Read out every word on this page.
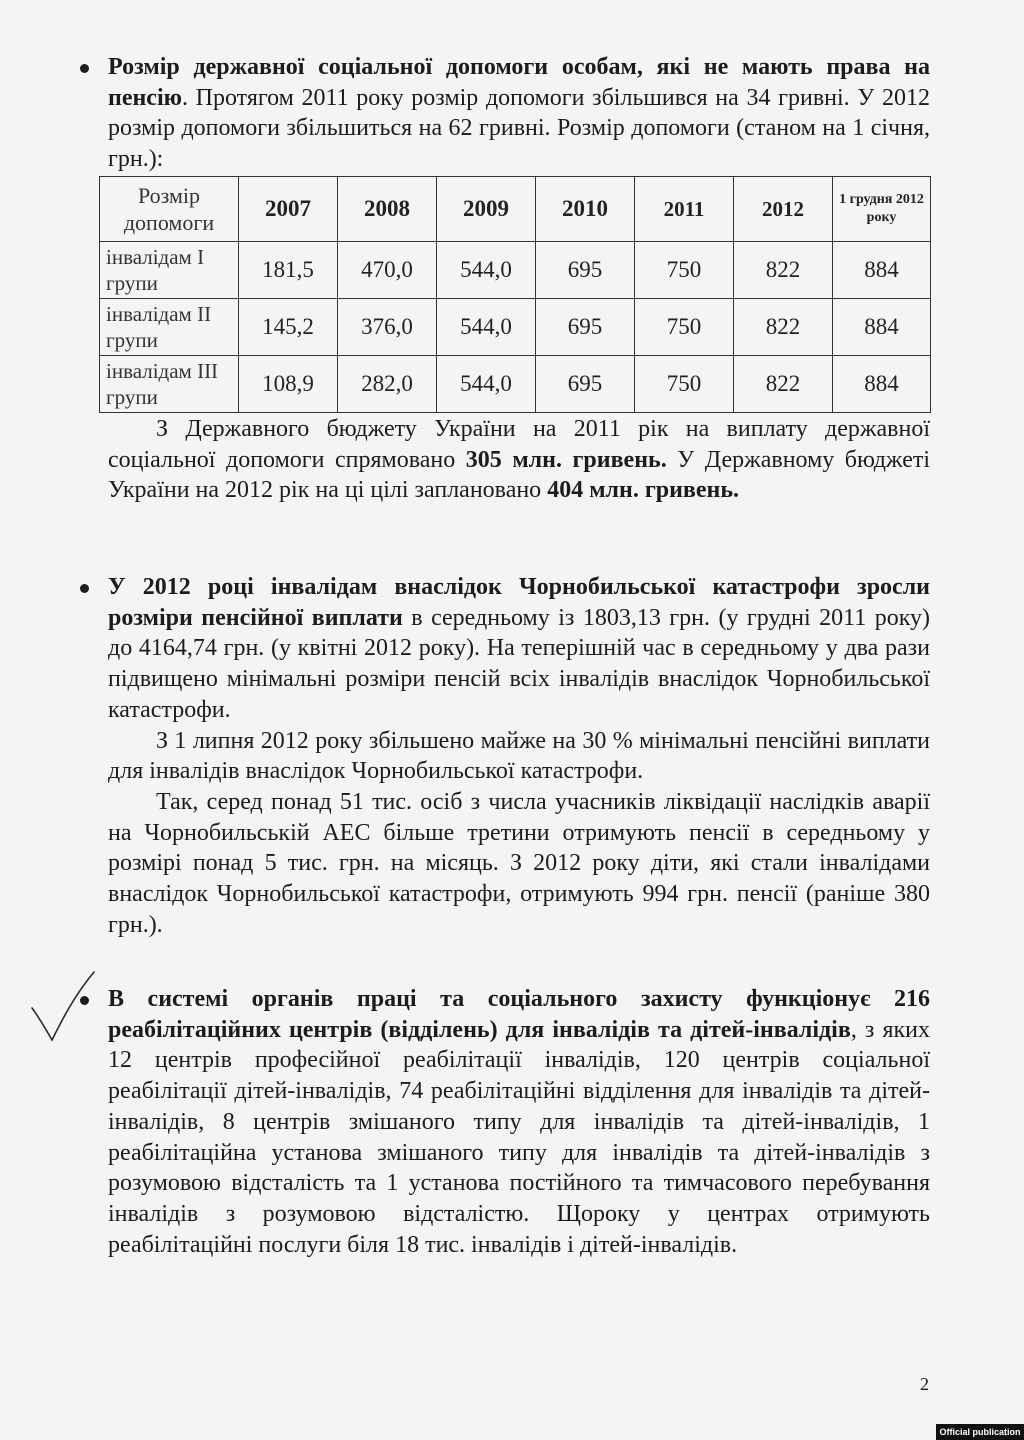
Розмір державної соціальної допомоги особам, які не мають права на пенсію. Протягом 2011 року розмір допомоги збільшився на 34 гривні. У 2012 розмір допомоги збільшиться на 62 гривні. Розмір допомоги (станом на 1 січня, грн.):

Розмір допомоги	2007	2008	2009	2010	2011	2012	1 грудня 2012 року
інвалідам І групи	181,5	470,0	544,0	695	750	822	884
інвалідам ІІ групи	145,2	376,0	544,0	695	750	822	884
інвалідам ІІІ групи	108,9	282,0	544,0	695	750	822	884

З Державного бюджету України на 2011 рік на виплату державної соціальної допомоги спрямовано 305 млн. гривень. У Державному бюджеті України на 2012 рік на ці цілі заплановано 404 млн. гривень.

У 2012 році інвалідам внаслідок Чорнобильської катастрофи зросли розміри пенсійної виплати в середньому із 1803,13 грн. (у грудні 2011 року) до 4164,74 грн. (у квітні 2012 року). На теперішній час в середньому у два рази підвищено мінімальні розміри пенсій всіх інвалідів внаслідок Чорнобильської катастрофи.

З 1 липня 2012 року збільшено майже на 30 % мінімальні пенсійні виплати для інвалідів внаслідок Чорнобильської катастрофи.

Так, серед понад 51 тис. осіб з числа учасників ліквідації наслідків аварії на Чорнобильській АЕС більше третини отримують пенсії в середньому у розмірі понад 5 тис. грн. на місяць. З 2012 року діти, які стали інвалідами внаслідок Чорнобильської катастрофи, отримують 994 грн. пенсії (раніше 380 грн.).

В системі органів праці та соціального захисту функціонує 216 реабілітаційних центрів (відділень) для інвалідів та дітей-інвалідів, з яких 12 центрів професійної реабілітації інвалідів, 120 центрів соціальної реабілітації дітей-інвалідів, 74 реабілітаційні відділення для інвалідів та дітей-інвалідів, 8 центрів змішаного типу для інвалідів та дітей-інвалідів, 1 реабілітаційна установа змішаного типу для інвалідів та дітей-інвалідів з розумовою відсталість та 1 установа постійного та тимчасового перебування інвалідів з розумовою відсталістю. Щороку у центрах отримують реабілітаційні послуги біля 18 тис. інвалідів і дітей-інвалідів.

2
Official publication
